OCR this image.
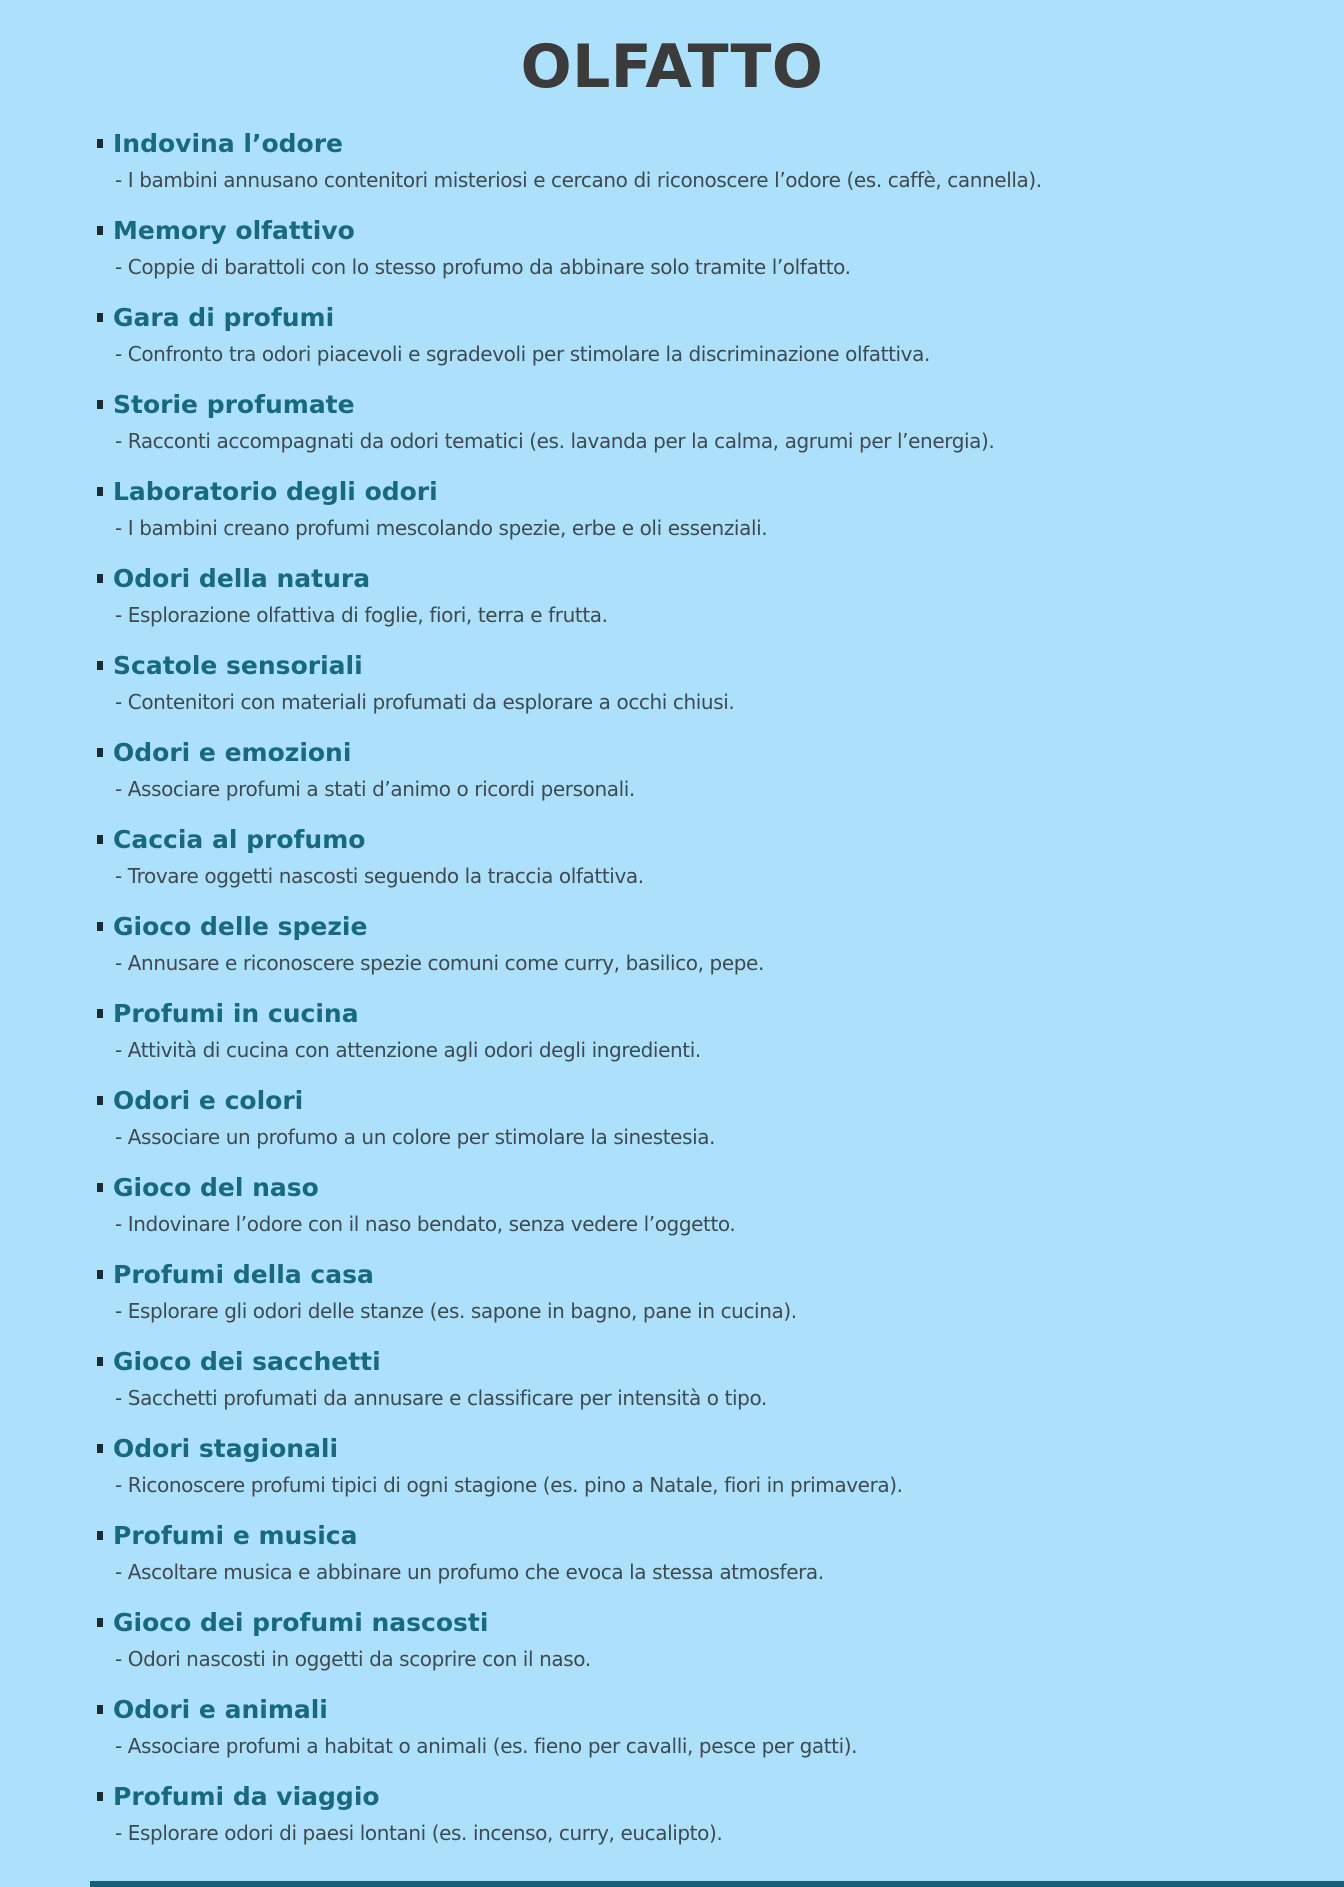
OLFATTO
Indovina l’odore

- I bambini annusano contenitori misteriosi e cercano di riconoscere l’odore (es. caffè, cannella).

Memory olfattivo

- Coppie di barattoli con lo stesso profumo da abbinare solo tramite l’olfatto.

Gara di profumi

- Confronto tra odori piacevoli e sgradevoli per stimolare la discriminazione olfattiva.

Storie profumate

- Racconti accompagnati da odori tematici (es. lavanda per la calma, agrumi per l’energia).

Laboratorio degli odori

- I bambini creano profumi mescolando spezie, erbe e oli essenziali.

Odori della natura

- Esplorazione olfattiva di foglie, fiori, terra e frutta.

Scatole sensoriali

- Contenitori con materiali profumati da esplorare a occhi chiusi.

Odori e emozioni

- Associare profumi a stati d’animo o ricordi personali.

Caccia al profumo

- Trovare oggetti nascosti seguendo la traccia olfattiva.

Gioco delle spezie

- Annusare e riconoscere spezie comuni come curry, basilico, pepe.

Profumi in cucina

- Attività di cucina con attenzione agli odori degli ingredienti.

Odori e colori

- Associare un profumo a un colore per stimolare la sinestesia.

Gioco del naso

- Indovinare l’odore con il naso bendato, senza vedere l’oggetto.

Profumi della casa

- Esplorare gli odori delle stanze (es. sapone in bagno, pane in cucina).

Gioco dei sacchetti

- Sacchetti profumati da annusare e classificare per intensità o tipo.

Odori stagionali

- Riconoscere profumi tipici di ogni stagione (es. pino a Natale, fiori in primavera).

Profumi e musica

- Ascoltare musica e abbinare un profumo che evoca la stessa atmosfera.

Gioco dei profumi nascosti

- Odori nascosti in oggetti da scoprire con il naso.

Odori e animali

- Associare profumi a habitat o animali (es. fieno per cavalli, pesce per gatti).

Profumi da viaggio

- Esplorare odori di paesi lontani (es. incenso, curry, eucalipto).
